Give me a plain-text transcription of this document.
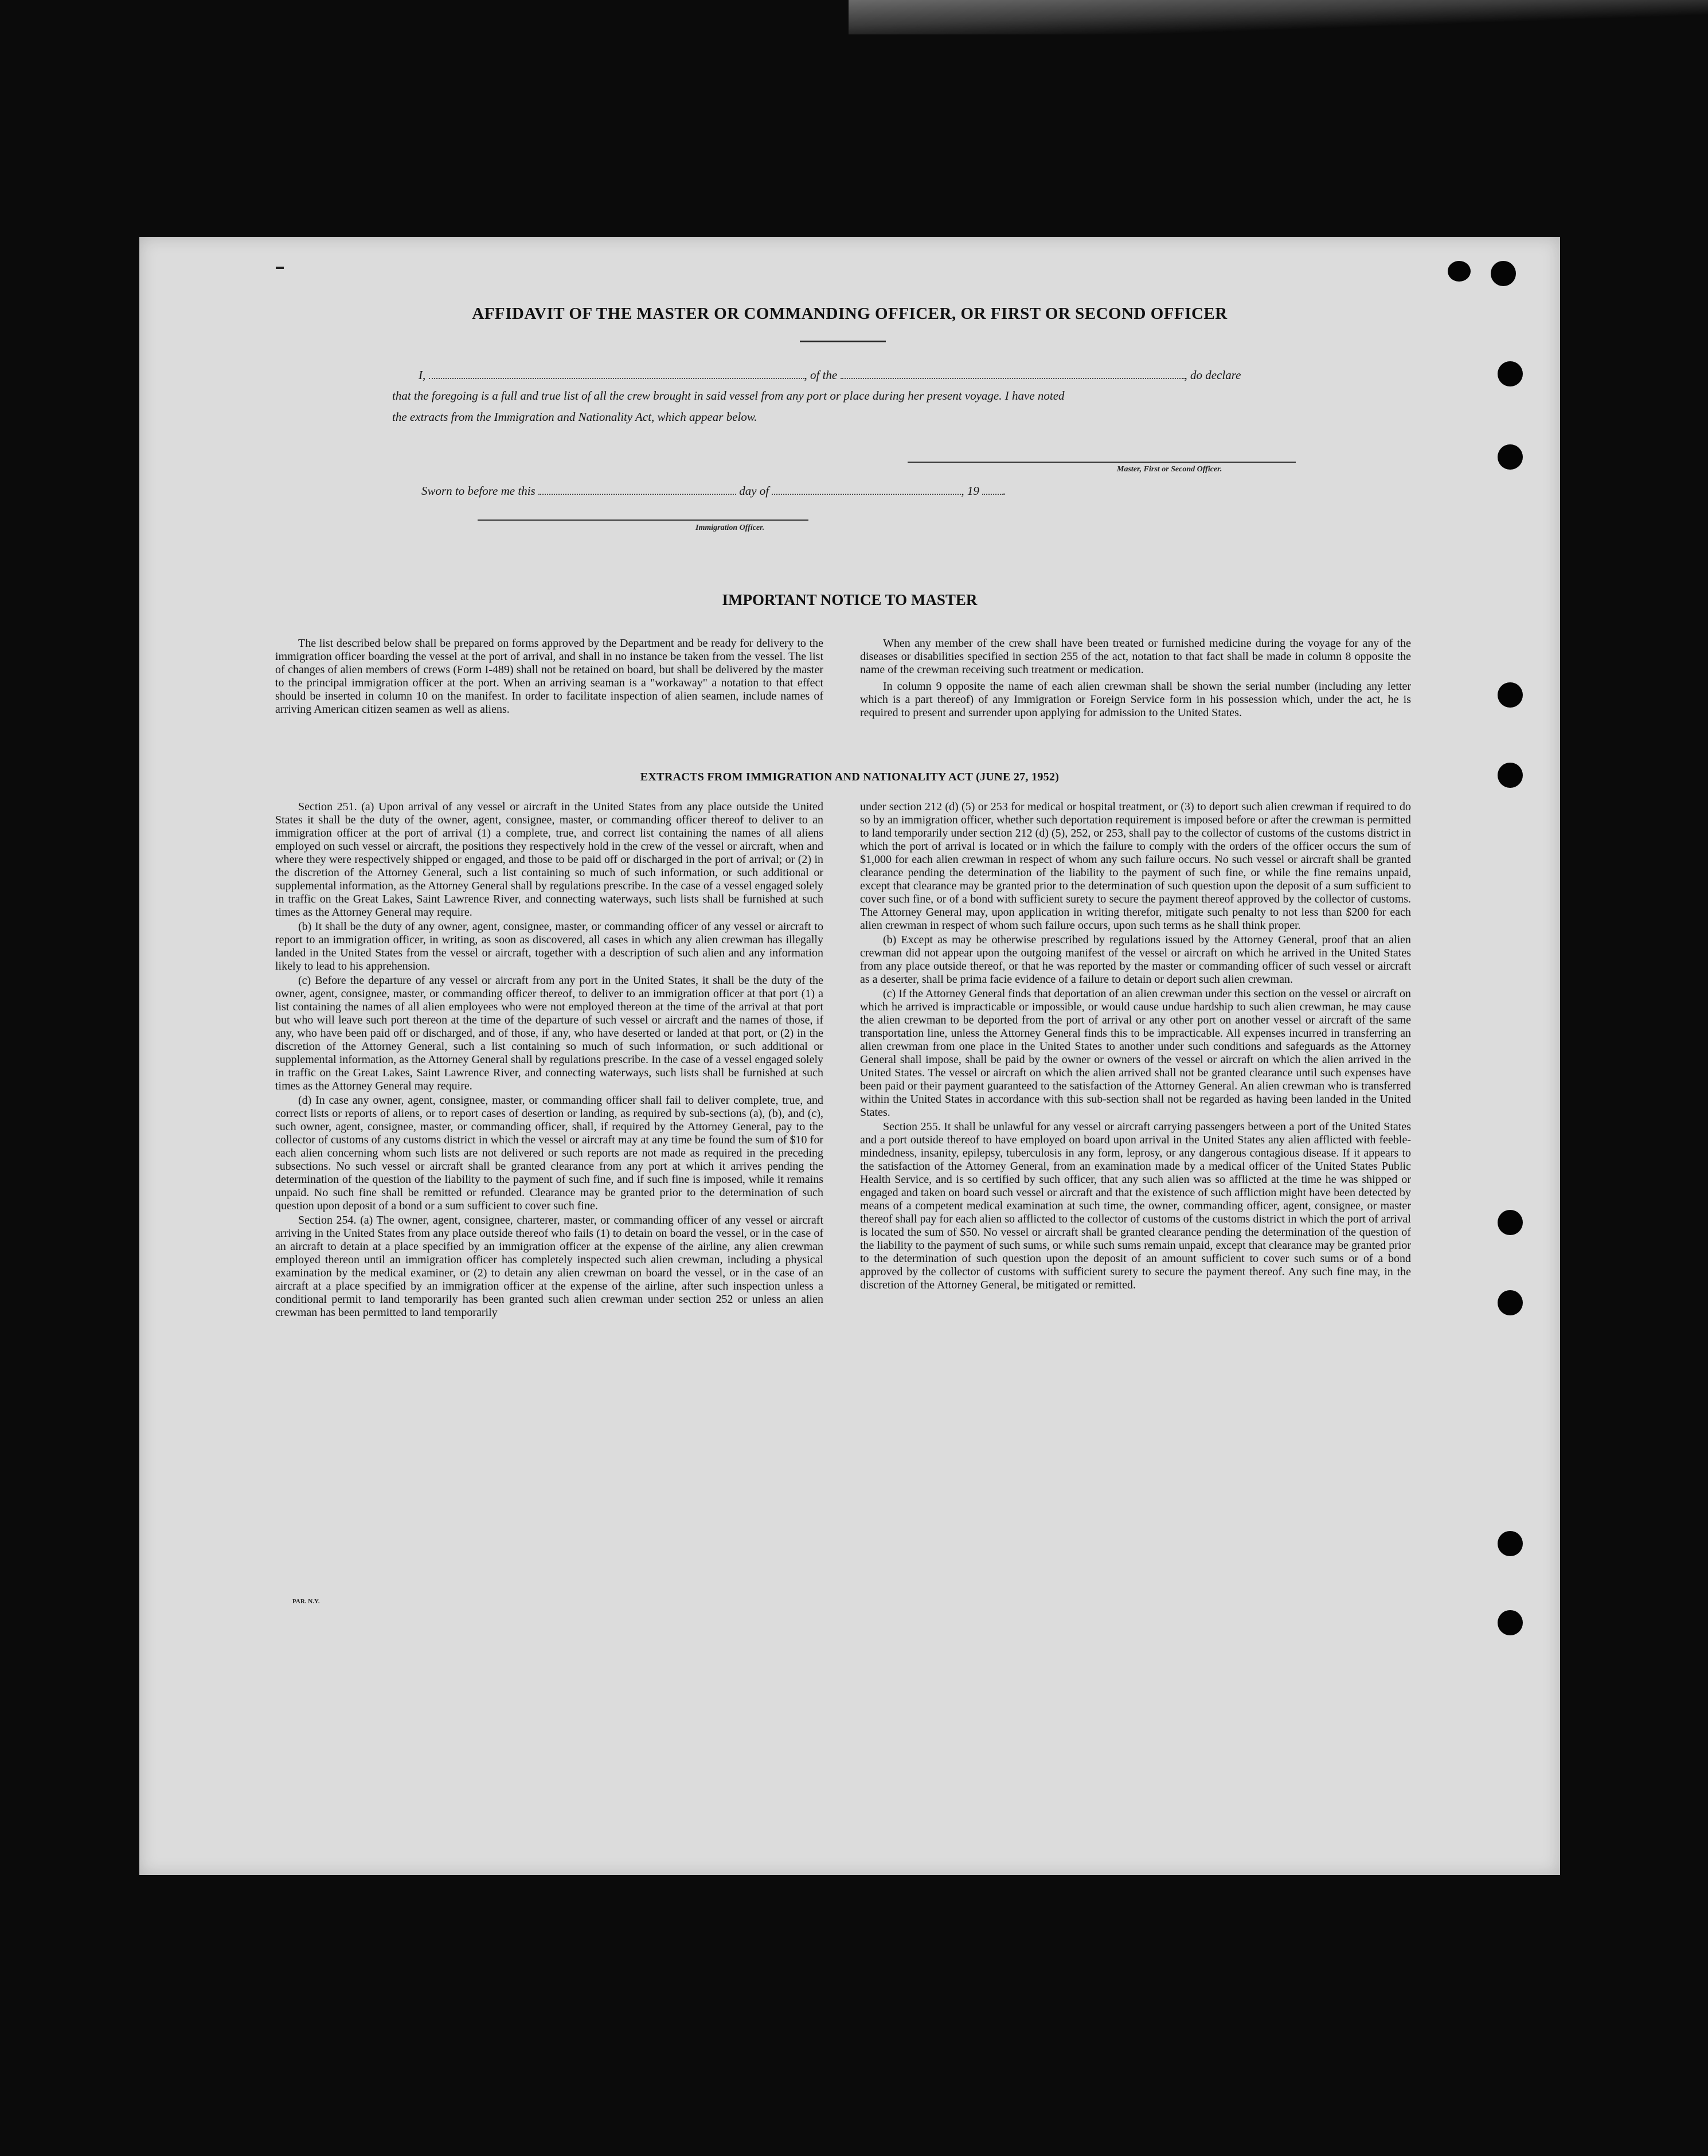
AFFIDAVIT OF THE MASTER OR COMMANDING OFFICER, OR FIRST OR SECOND OFFICER
I,	, of the	, do declare
that the foregoing is a full and true list of all the crew brought in said vessel from any port or place during her present voyage. I have noted
the extracts from the Immigration and Nationality Act, which appear below.
Master, First or Second Officer.
Sworn to before me this	day of	, 19 .
Immigration Officer.
IMPORTANT NOTICE TO MASTER

The list described below shall be prepared on forms approved by the Department and be ready for delivery to the immigration officer boarding the vessel at the port of arrival, and shall in no instance be taken from the vessel. The list of changes of alien members of crews (Form I-489) shall not be retained on board, but shall be delivered by the master to the principal immigration officer at the port. When an arriving seaman is a "workaway" a notation to that effect should be inserted in column 10 on the manifest. In order to facilitate inspection of alien seamen, include names of arriving American citizen seamen as well as aliens.

When any member of the crew shall have been treated or furnished medicine during the voyage for any of the diseases or disabilities specified in section 255 of the act, notation to that fact shall be made in column 8 opposite the name of the crewman receiving such treatment or medication.

In column 9 opposite the name of each alien crewman shall be shown the serial number (including any letter which is a part thereof) of any Immigration or Foreign Service form in his possession which, under the act, he is required to present and surrender upon applying for admission to the United States.

EXTRACTS FROM IMMIGRATION AND NATIONALITY ACT (JUNE 27, 1952)

Section 251. (a) Upon arrival of any vessel or aircraft in the United States from any place outside the United States it shall be the duty of the owner, agent, consignee, master, or commanding officer thereof to deliver to an immigration officer at the port of arrival (1) a complete, true, and correct list containing the names of all aliens employed on such vessel or aircraft, the positions they respectively hold in the crew of the vessel or aircraft, when and where they were respectively shipped or engaged, and those to be paid off or discharged in the port of arrival; or (2) in the discretion of the Attorney General, such a list containing so much of such information, or such additional or supplemental information, as the Attorney General shall by regulations prescribe. In the case of a vessel engaged solely in traffic on the Great Lakes, Saint Lawrence River, and connecting waterways, such lists shall be furnished at such times as the Attorney General may require.

(b) It shall be the duty of any owner, agent, consignee, master, or commanding officer of any vessel or aircraft to report to an immigration officer, in writing, as soon as discovered, all cases in which any alien crewman has illegally landed in the United States from the vessel or aircraft, together with a description of such alien and any information likely to lead to his apprehension.

(c) Before the departure of any vessel or aircraft from any port in the United States, it shall be the duty of the owner, agent, consignee, master, or commanding officer thereof, to deliver to an immigration officer at that port (1) a list containing the names of all alien employees who were not employed thereon at the time of the arrival at that port but who will leave such port thereon at the time of the departure of such vessel or aircraft and the names of those, if any, who have been paid off or discharged, and of those, if any, who have deserted or landed at that port, or (2) in the discretion of the Attorney General, such a list containing so much of such information, or such additional or supplemental information, as the Attorney General shall by regulations prescribe. In the case of a vessel engaged solely in traffic on the Great Lakes, Saint Lawrence River, and connecting waterways, such lists shall be furnished at such times as the Attorney General may require.

(d) In case any owner, agent, consignee, master, or commanding officer shall fail to deliver complete, true, and correct lists or reports of aliens, or to report cases of desertion or landing, as required by sub-sections (a), (b), and (c), such owner, agent, consignee, master, or commanding officer, shall, if required by the Attorney General, pay to the collector of customs of any customs district in which the vessel or aircraft may at any time be found the sum of $10 for each alien concerning whom such lists are not delivered or such reports are not made as required in the preceding subsections. No such vessel or aircraft shall be granted clearance from any port at which it arrives pending the determination of the question of the liability to the payment of such fine, and if such fine is imposed, while it remains unpaid. No such fine shall be remitted or refunded. Clearance may be granted prior to the determination of such question upon deposit of a bond or a sum sufficient to cover such fine.

Section 254. (a) The owner, agent, consignee, charterer, master, or commanding officer of any vessel or aircraft arriving in the United States from any place outside thereof who fails (1) to detain on board the vessel, or in the case of an aircraft to detain at a place specified by an immigration officer at the expense of the airline, any alien crewman employed thereon until an immigration officer has completely inspected such alien crewman, including a physical examination by the medical examiner, or (2) to detain any alien crewman on board the vessel, or in the case of an aircraft at a place specified by an immigration officer at the expense of the airline, after such inspection unless a conditional permit to land temporarily has been granted such alien crewman under section 252 or unless an alien crewman has been permitted to land temporarily

under section 212 (d) (5) or 253 for medical or hospital treatment, or (3) to deport such alien crewman if required to do so by an immigration officer, whether such deportation requirement is imposed before or after the crewman is permitted to land temporarily under section 212 (d) (5), 252, or 253, shall pay to the collector of customs of the customs district in which the port of arrival is located or in which the failure to comply with the orders of the officer occurs the sum of $1,000 for each alien crewman in respect of whom any such failure occurs. No such vessel or aircraft shall be granted clearance pending the determination of the liability to the payment of such fine, or while the fine remains unpaid, except that clearance may be granted prior to the determination of such question upon the deposit of a sum sufficient to cover such fine, or of a bond with sufficient surety to secure the payment thereof approved by the collector of customs. The Attorney General may, upon application in writing therefor, mitigate such penalty to not less than $200 for each alien crewman in respect of whom such failure occurs, upon such terms as he shall think proper.

(b) Except as may be otherwise prescribed by regulations issued by the Attorney General, proof that an alien crewman did not appear upon the outgoing manifest of the vessel or aircraft on which he arrived in the United States from any place outside thereof, or that he was reported by the master or commanding officer of such vessel or aircraft as a deserter, shall be prima facie evidence of a failure to detain or deport such alien crewman.

(c) If the Attorney General finds that deportation of an alien crewman under this section on the vessel or aircraft on which he arrived is impracticable or impossible, or would cause undue hardship to such alien crewman, he may cause the alien crewman to be deported from the port of arrival or any other port on another vessel or aircraft of the same transportation line, unless the Attorney General finds this to be impracticable. All expenses incurred in transferring an alien crewman from one place in the United States to another under such conditions and safeguards as the Attorney General shall impose, shall be paid by the owner or owners of the vessel or aircraft on which the alien arrived in the United States. The vessel or aircraft on which the alien arrived shall not be granted clearance until such expenses have been paid or their payment guaranteed to the satisfaction of the Attorney General. An alien crewman who is transferred within the United States in accordance with this sub-section shall not be regarded as having been landed in the United States.

Section 255. It shall be unlawful for any vessel or aircraft carrying passengers between a port of the United States and a port outside thereof to have employed on board upon arrival in the United States any alien afflicted with feeble-mindedness, insanity, epilepsy, tuberculosis in any form, leprosy, or any dangerous contagious disease. If it appears to the satisfaction of the Attorney General, from an examination made by a medical officer of the United States Public Health Service, and is so certified by such officer, that any such alien was so afflicted at the time he was shipped or engaged and taken on board such vessel or aircraft and that the existence of such affliction might have been detected by means of a competent medical examination at such time, the owner, commanding officer, agent, consignee, or master thereof shall pay for each alien so afflicted to the collector of customs of the customs district in which the port of arrival is located the sum of $50. No vessel or aircraft shall be granted clearance pending the determination of the question of the liability to the payment of such sums, or while such sums remain unpaid, except that clearance may be granted prior to the determination of such question upon the deposit of an amount sufficient to cover such sums or of a bond approved by the collector of customs with sufficient surety to secure the payment thereof. Any such fine may, in the discretion of the Attorney General, be mitigated or remitted.

PAR. N.Y.
